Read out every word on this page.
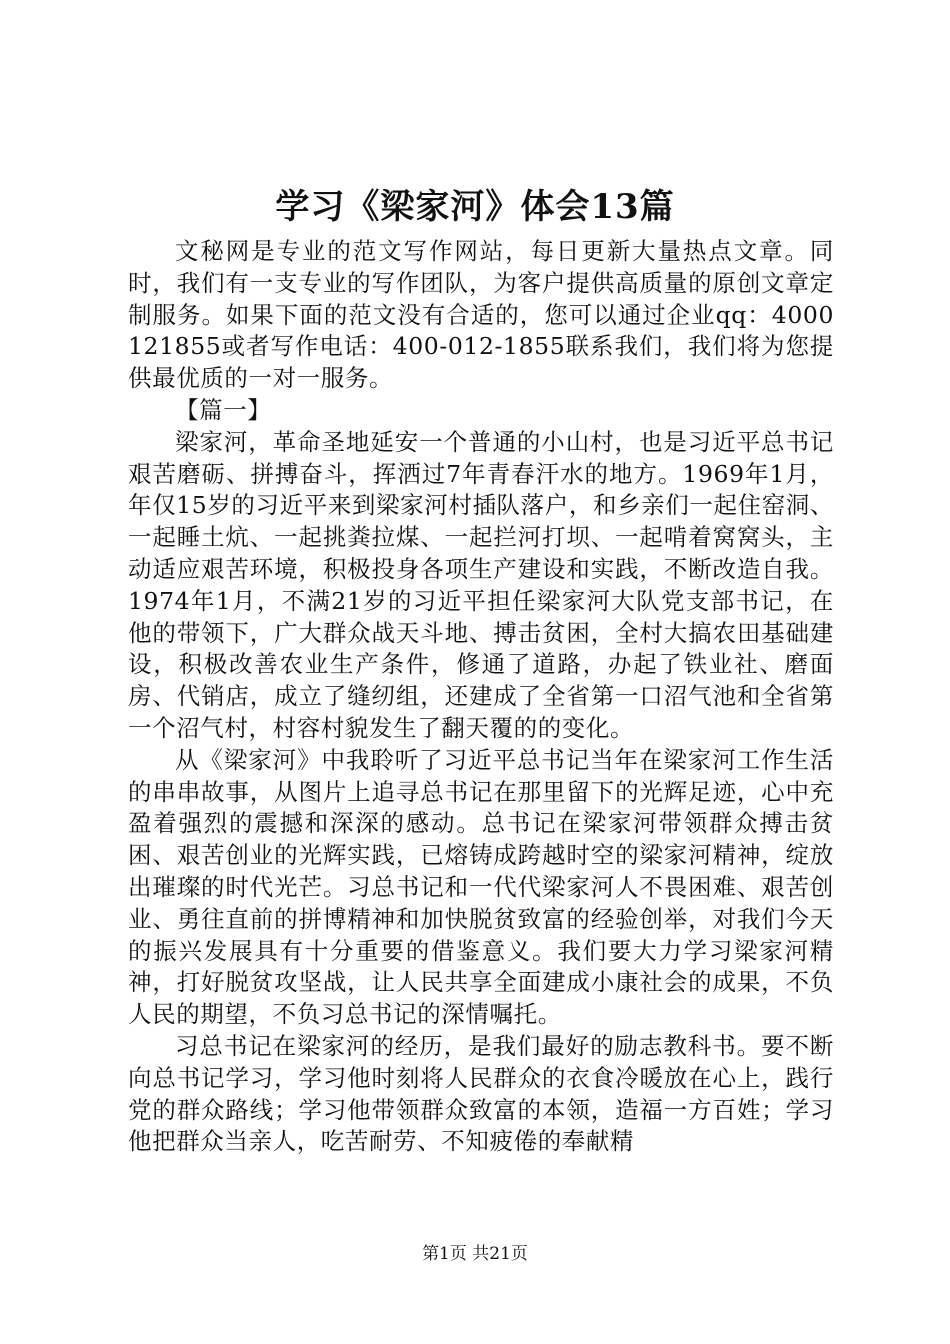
学习《梁家河》体会13篇

文秘网是专业的范文写作网站，每日更新大量热点文章。同时，我们有一支专业的写作团队，为客户提供高质量的原创文章定制服务。如果下面的范文没有合适的，您可以通过企业qq：4000121855或者写作电话：400-012-1855联系我们，我们将为您提供最优质的一对一服务。

【篇一】

梁家河，革命圣地延安一个普通的小山村，也是习近平总书记艰苦磨砺、拼搏奋斗，挥洒过7年青春汗水的地方。1969年1月，年仅15岁的习近平来到梁家河村插队落户，和乡亲们一起住窑洞、一起睡土炕、一起挑粪拉煤、一起拦河打坝、一起啃着窝窝头，主动适应艰苦环境，积极投身各项生产建设和实践，不断改造自我。1974年1月，不满21岁的习近平担任梁家河大队党支部书记，在他的带领下，广大群众战天斗地、搏击贫困，全村大搞农田基础建设，积极改善农业生产条件，修通了道路，办起了铁业社、磨面房、代销店，成立了缝纫组，还建成了全省第一口沼气池和全省第一个沼气村，村容村貌发生了翻天覆的的变化。

从《梁家河》中我聆听了习近平总书记当年在梁家河工作生活的串串故事，从图片上追寻总书记在那里留下的光辉足迹，心中充盈着强烈的震撼和深深的感动。总书记在梁家河带领群众搏击贫困、艰苦创业的光辉实践，已熔铸成跨越时空的梁家河精神，绽放出璀璨的时代光芒。习总书记和一代代梁家河人不畏困难、艰苦创业、勇往直前的拼博精神和加快脱贫致富的经验创举，对我们今天的振兴发展具有十分重要的借鉴意义。我们要大力学习梁家河精神，打好脱贫攻坚战，让人民共享全面建成小康社会的成果，不负人民的期望，不负习总书记的深情嘱托。

习总书记在梁家河的经历，是我们最好的励志教科书。要不断向总书记学习，学习他时刻将人民群众的衣食冷暖放在心上，践行党的群众路线；学习他带领群众致富的本领，造福一方百姓；学习他把群众当亲人，吃苦耐劳、不知疲倦的奉献精

第1页 共21页
